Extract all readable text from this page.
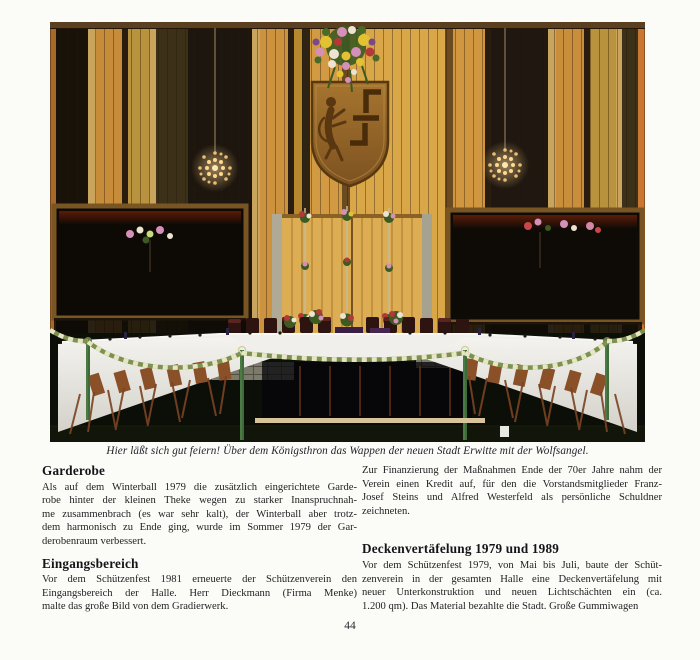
Hier läßt sich gut feiern! Über dem Königsthron das Wappen der neuen Stadt Erwitte mit der Wolfsangel.
Garderobe
Als auf dem Winterball 1979 die zusätzlich eingerichtete Garde-
robe hinter der kleinen Theke wegen zu starker Inanspruchnah-
me zusammenbrach (es war sehr kalt), der Winterball aber trotz-
dem harmonisch zu Ende ging, wurde im Sommer 1979 der Gar-
derobenraum verbessert.
Eingangsbereich
Vor dem Schützenfest 1981 erneuerte der Schützenverein den
Eingangsbereich der Halle. Herr Dieckmann (Firma Menke)
malte das große Bild von dem Gradierwerk.
Zur Finanzierung der Maßnahmen Ende der 70er Jahre nahm der
Verein einen Kredit auf, für den die Vorstandsmitglieder Franz-
Josef Steins und Alfred Westerfeld als persönliche Schuldner
zeichneten.
Deckenvertäfelung 1979 und 1989
Vor dem Schützenfest 1979, von Mai bis Juli, baute der Schüt-
zenverein in der gesamten Halle eine Deckenvertäfelung mit
neuer Unterkonstruktion und neuen Lichtschächten ein (ca.
1.200 qm). Das Material bezahlte die Stadt. Große Gummiwagen
44
